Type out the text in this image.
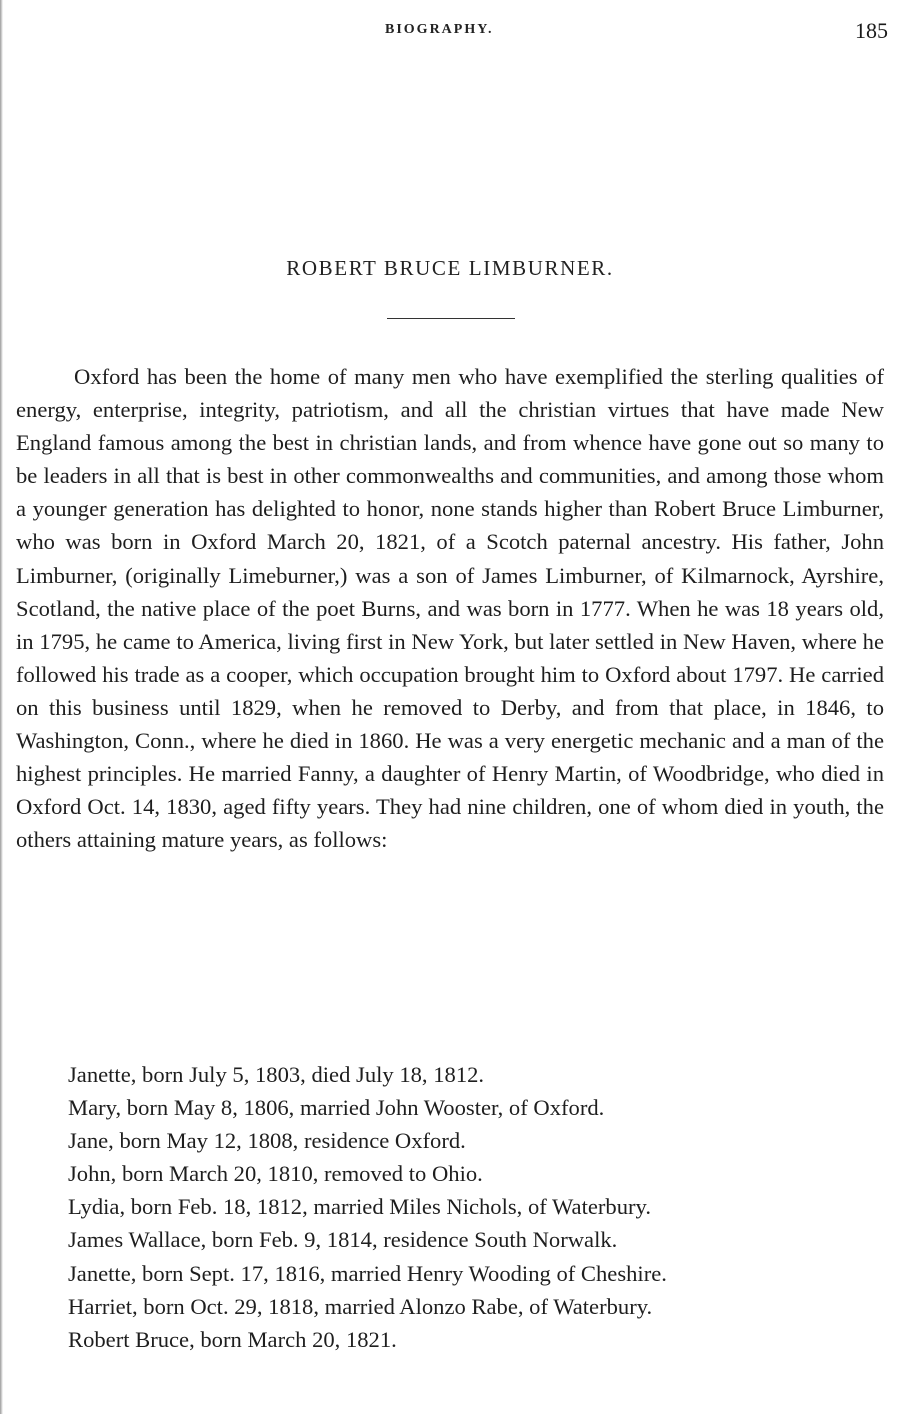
BIOGRAPHY.	185
ROBERT BRUCE LIMBURNER.

Oxford has been the home of many men who have exemplified the sterling qualities of energy, enterprise, integrity, patriotism, and all the christian virtues that have made New England famous among the best in christian lands, and from whence have gone out so many to be leaders in all that is best in other commonwealths and communities, and among those whom a younger generation has delighted to honor, none stands higher than Robert Bruce Limburner, who was born in Oxford March 20, 1821, of a Scotch paternal ancestry. His father, John Limburner, (originally Limeburner,) was a son of James Limburner, of Kilmarnock, Ayrshire, Scotland, the native place of the poet Burns, and was born in 1777. When he was 18 years old, in 1795, he came to America, living first in New York, but later settled in New Haven, where he followed his trade as a cooper, which occupation brought him to Oxford about 1797. He carried on this business until 1829, when he removed to Derby, and from that place, in 1846, to Washington, Conn., where he died in 1860. He was a very energetic mechanic and a man of the highest principles. He married Fanny, a daughter of Henry Martin, of Woodbridge, who died in Oxford Oct. 14, 1830, aged fifty years. They had nine children, one of whom died in youth, the others attaining mature years, as follows:

Janette, born July 5, 1803, died July 18, 1812.
Mary, born May 8, 1806, married John Wooster, of Oxford.
Jane, born May 12, 1808, residence Oxford.
John, born March 20, 1810, removed to Ohio.
Lydia, born Feb. 18, 1812, married Miles Nichols, of Waterbury.
James Wallace, born Feb. 9, 1814, residence South Norwalk.
Janette, born Sept. 17, 1816, married Henry Wooding of Cheshire.
Harriet, born Oct. 29, 1818, married Alonzo Rabe, of Waterbury.
Robert Bruce, born March 20, 1821.
